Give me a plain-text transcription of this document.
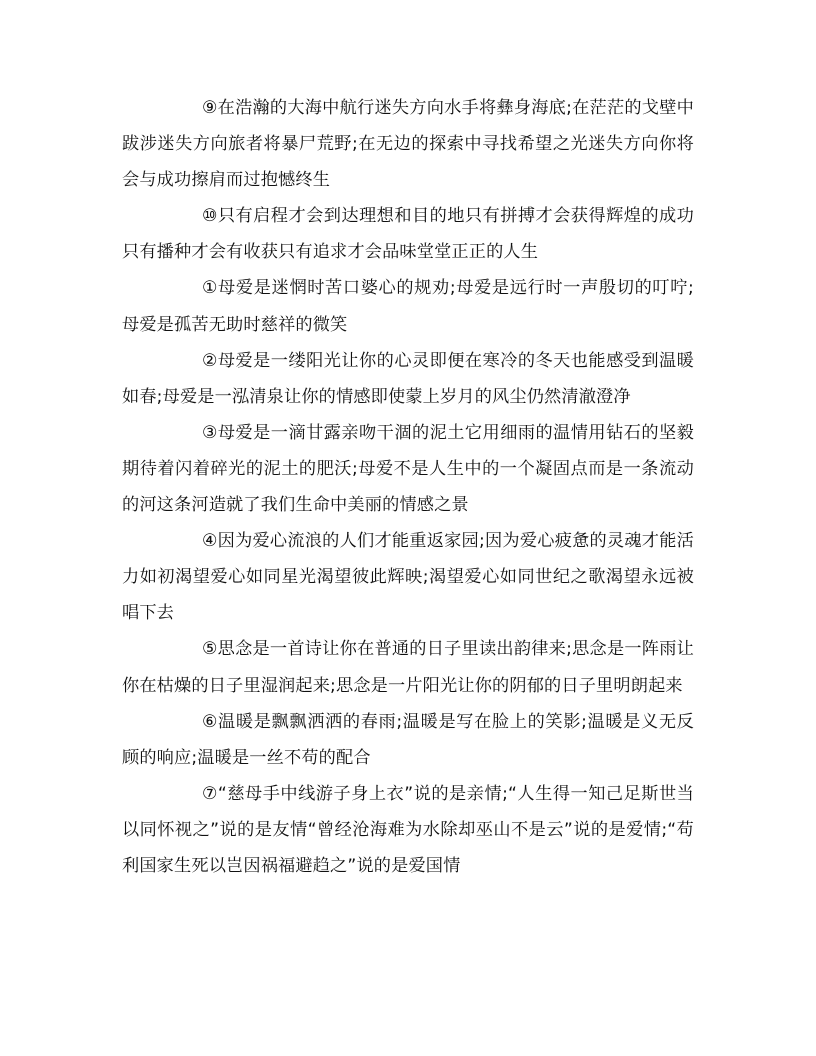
⑨在浩瀚的大海中航行迷失方向水手将彝身海底;在茫茫的戈壁中跋涉迷失方向旅者将暴尸荒野;在无边的探索中寻找希望之光迷失方向你将会与成功擦肩而过抱憾终生

⑩只有启程才会到达理想和目的地只有拼搏才会获得辉煌的成功只有播种才会有收获只有追求才会品味堂堂正正的人生

①母爱是迷惘时苦口婆心的规劝;母爱是远行时一声殷切的叮咛;母爱是孤苦无助时慈祥的微笑

②母爱是一缕阳光让你的心灵即便在寒冷的冬天也能感受到温暖如春;母爱是一泓清泉让你的情感即使蒙上岁月的风尘仍然清澈澄净

③母爱是一滴甘露亲吻干涸的泥土它用细雨的温情用钻石的坚毅期待着闪着碎光的泥土的肥沃;母爱不是人生中的一个凝固点而是一条流动的河这条河造就了我们生命中美丽的情感之景

④因为爱心流浪的人们才能重返家园;因为爱心疲惫的灵魂才能活力如初渴望爱心如同星光渴望彼此辉映;渴望爱心如同世纪之歌渴望永远被唱下去

⑤思念是一首诗让你在普通的日子里读出韵律来;思念是一阵雨让你在枯燥的日子里湿润起来;思念是一片阳光让你的阴郁的日子里明朗起来

⑥温暖是飘飘洒洒的春雨;温暖是写在脸上的笑影;温暖是义无反顾的响应;温暖是一丝不苟的配合

⑦“慈母手中线游子身上衣”说的是亲情;“人生得一知己足斯世当以同怀视之”说的是友情“曾经沧海难为水除却巫山不是云”说的是爱情;“苟利国家生死以岂因祸福避趋之”说的是爱国情
